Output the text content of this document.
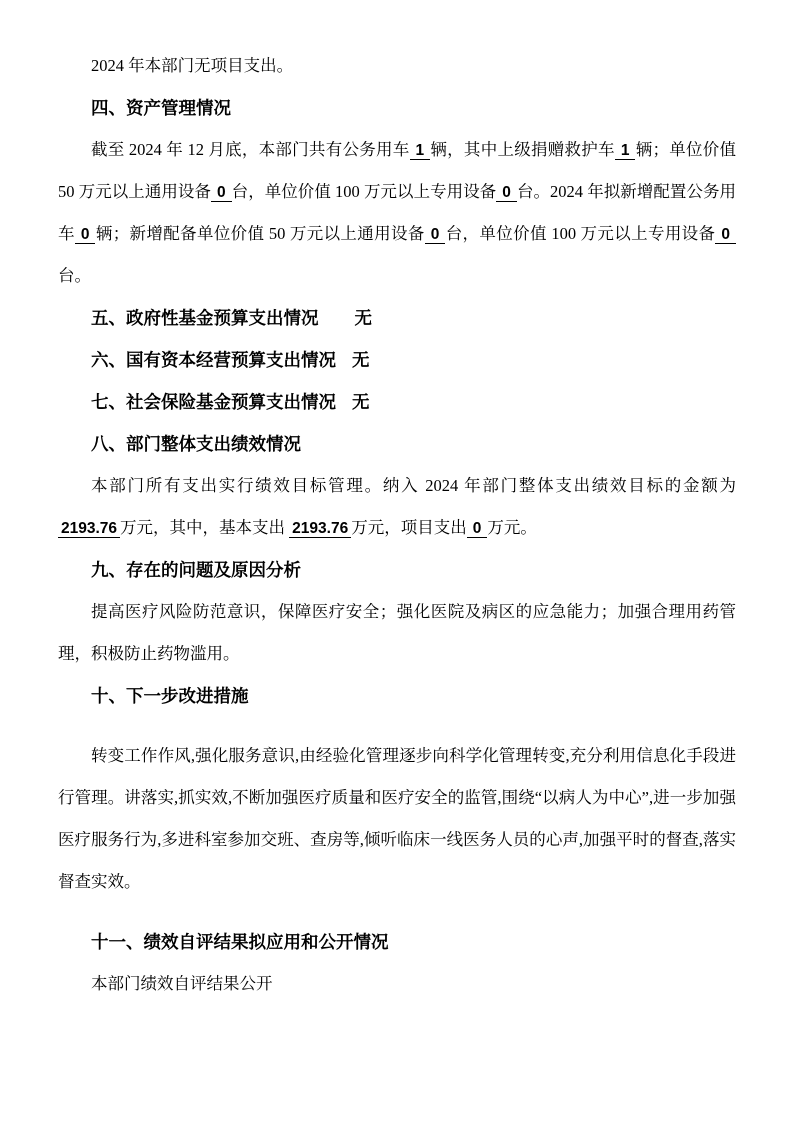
2024 年本部门无项目支出。

四、资产管理情况

截至 2024 年 12 月底，本部门共有公务用车 1 辆，其中上级捐赠救护车 1 辆；单位价值 50 万元以上通用设备 0 台，单位价值 100 万元以上专用设备 0 台。2024 年拟新增配置公务用车 0 辆；新增配备单位价值 50 万元以上通用设备 0 台，单位价值 100 万元以上专用设备 0台。

五、政府性基金预算支出情况 无

六、国有资本经营预算支出情况 无

七、社会保险基金预算支出情况 无

八、部门整体支出绩效情况

本部门所有支出实行绩效目标管理。纳入 2024 年部门整体支出绩效目标的金额为 2193.76 万元，其中，基本支出 2193.76 万元，项目支出 0 万元。

九、存在的问题及原因分析

提高医疗风险防范意识，保障医疗安全；强化医院及病区的应急能力；加强合理用药管理，积极防止药物滥用。

十、下一步改进措施

转变工作作风,强化服务意识,由经验化管理逐步向科学化管理转变,充分利用信息化手段进行管理。讲落实,抓实效,不断加强医疗质量和医疗安全的监管,围绕“以病人为中心”,进一步加强医疗服务行为,多进科室参加交班、查房等,倾听临床一线医务人员的心声,加强平时的督查,落实督查实效。

十一、绩效自评结果拟应用和公开情况

本部门绩效自评结果公开
